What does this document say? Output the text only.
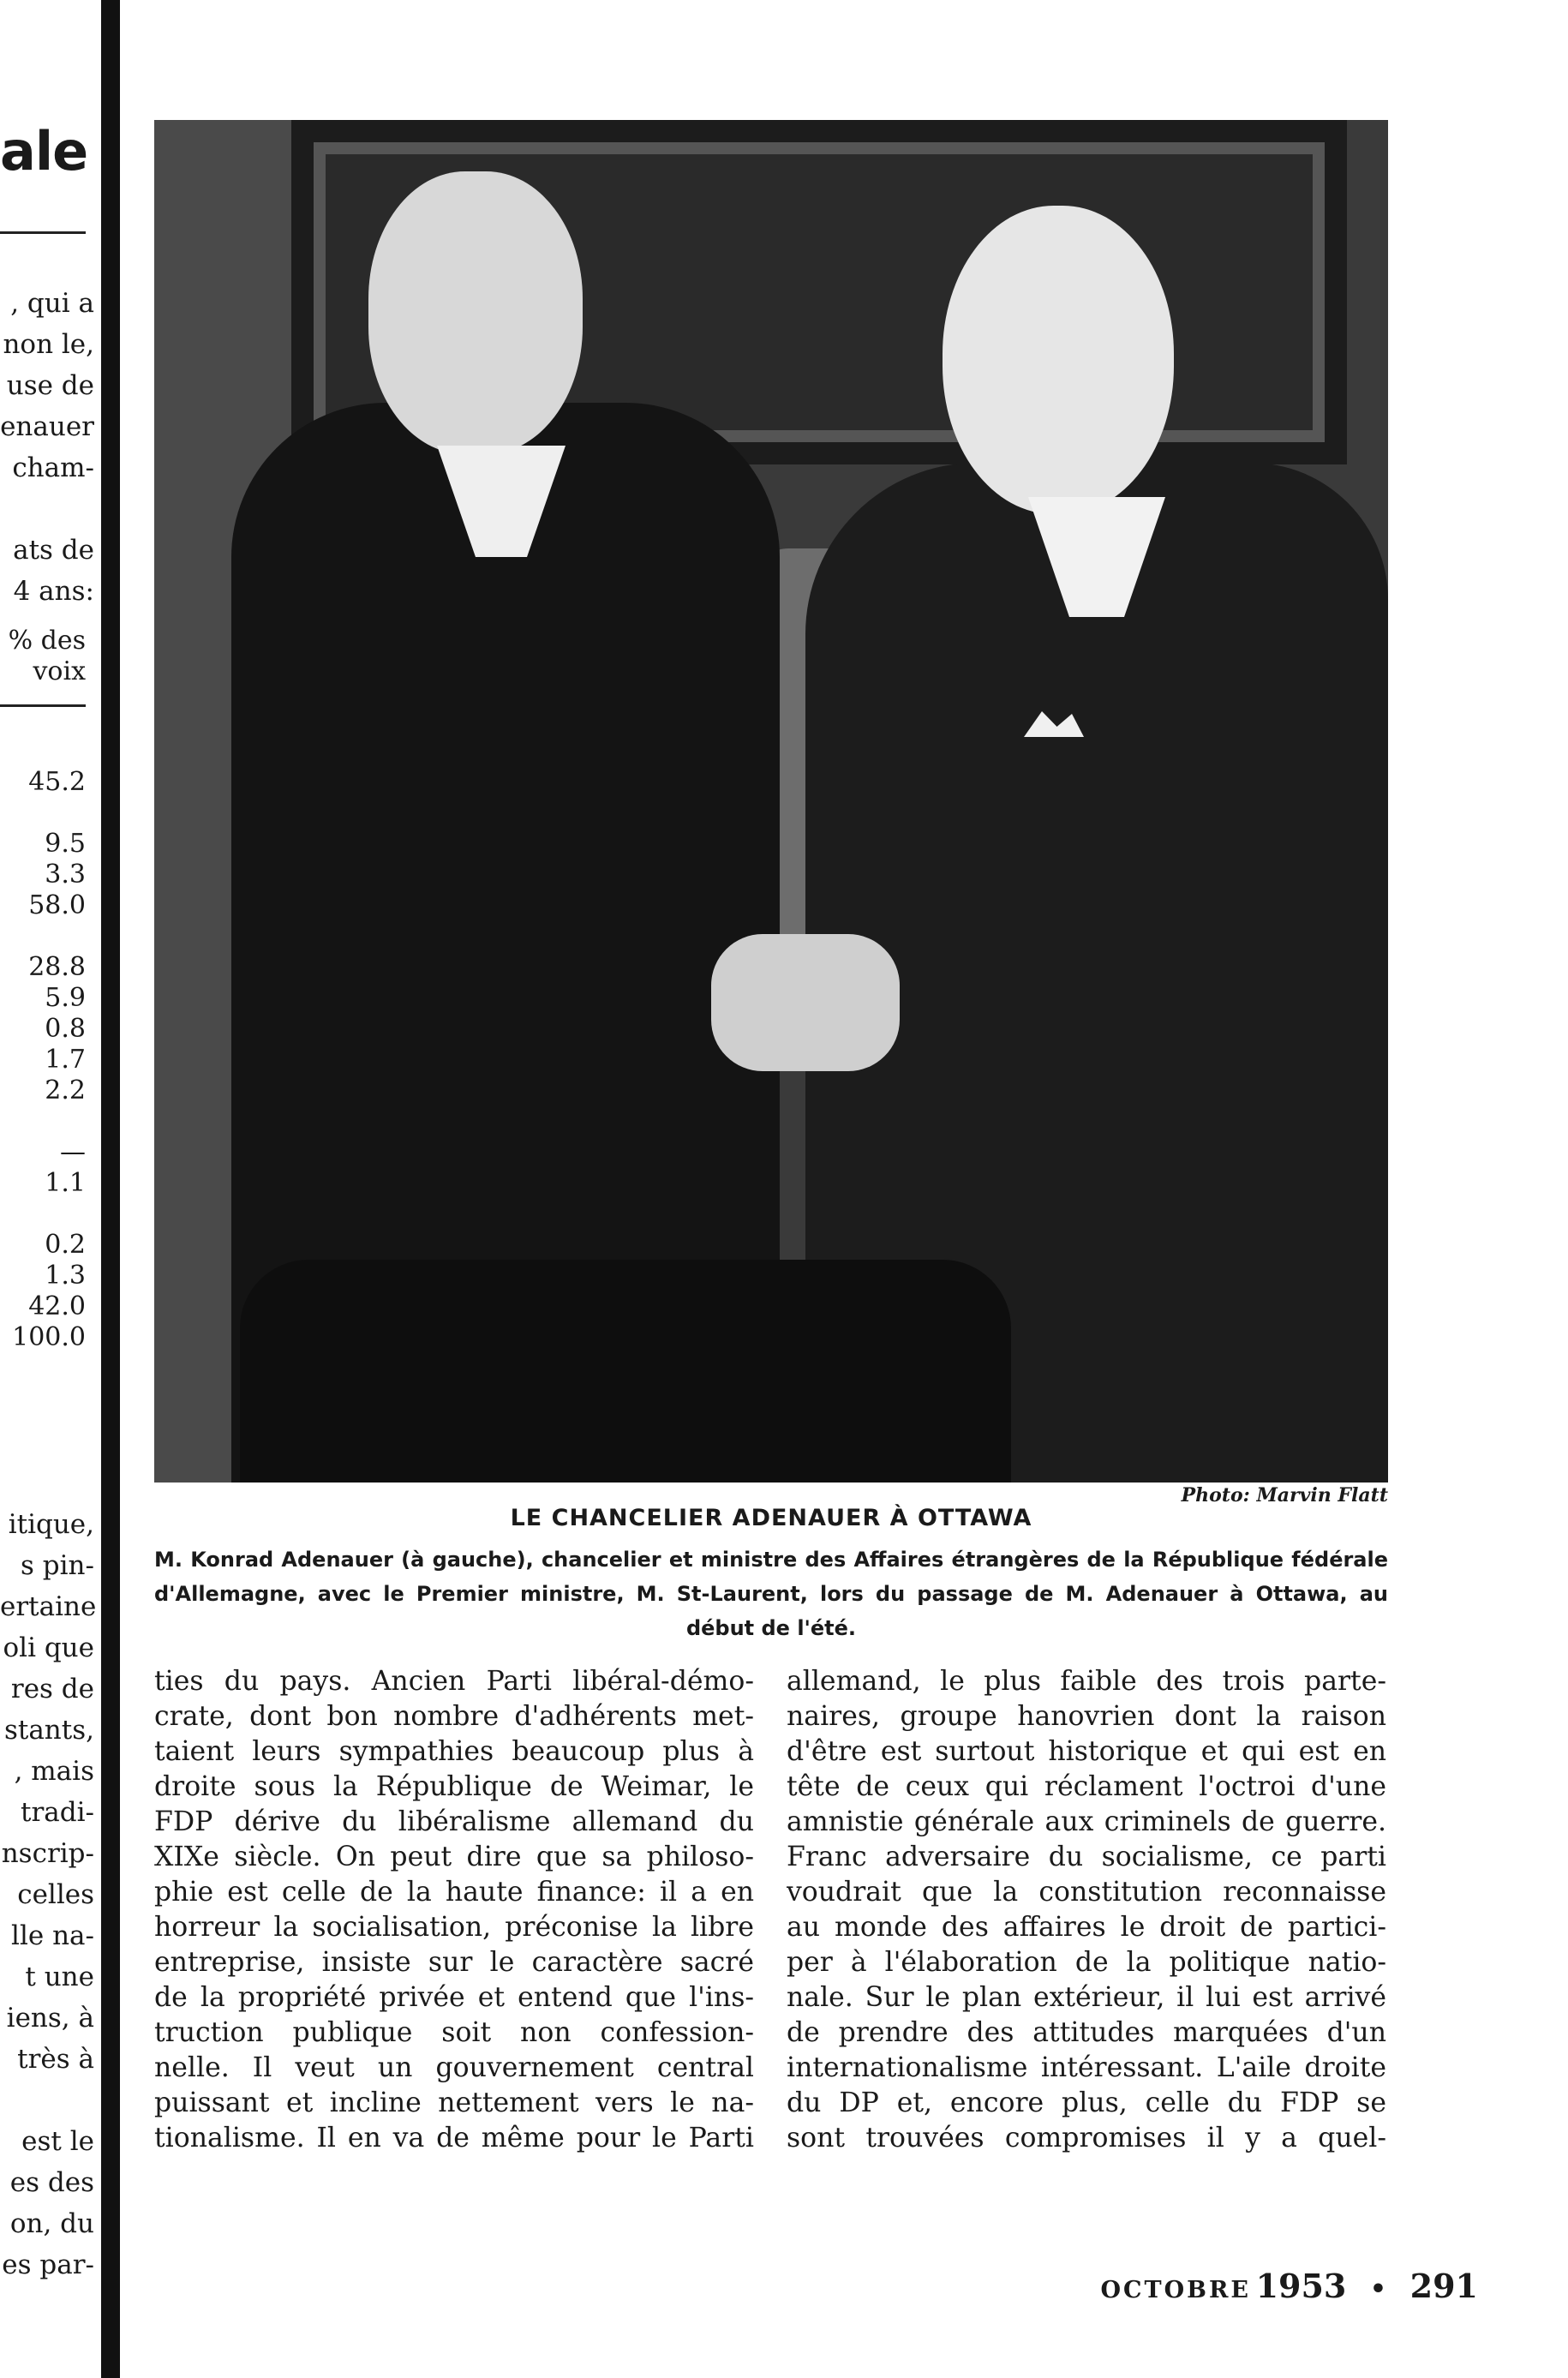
ale
, qui a
non le,
use de
enauer
cham-

ats de
4 ans:
% des
voix
45.2

9.5
3.3
58.0

28.8
5.9
0.8
1.7
2.2

—
1.1

0.2
1.3
42.0
100.0
itique,
s pin-
ertaine
oli que
res de
stants,
, mais
tradi-
nscrip-
celles
lle na-
t une
iens, à
très à

est le
es des
on, du
es par-
Photo: Marvin Flatt
LE CHANCELIER ADENAUER À OTTAWA
M. Konrad Adenauer (à gauche), chancelier et ministre des Affaires étrangères de la République fédérale d'Allemagne, avec le Premier ministre, M. St-Laurent, lors du passage de M. Adenauer à Ottawa, au début de l'été.
ties du pays. Ancien Parti libéral-démo-
crate, dont bon nombre d'adhérents met-
taient leurs sympathies beaucoup plus à
droite sous la République de Weimar, le
FDP dérive du libéralisme allemand du
XIXe siècle. On peut dire que sa philoso-
phie est celle de la haute finance: il a en
horreur la socialisation, préconise la libre
entreprise, insiste sur le caractère sacré
de la propriété privée et entend que l'ins-
truction publique soit non confession-
nelle. Il veut un gouvernement central
puissant et incline nettement vers le na-
tionalisme. Il en va de même pour le Parti
allemand, le plus faible des trois parte-
naires, groupe hanovrien dont la raison
d'être est surtout historique et qui est en
tête de ceux qui réclament l'octroi d'une
amnistie générale aux criminels de guerre.
Franc adversaire du socialisme, ce parti
voudrait que la constitution reconnaisse
au monde des affaires le droit de partici-
per à l'élaboration de la politique natio-
nale. Sur le plan extérieur, il lui est arrivé
de prendre des attitudes marquées d'un
internationalisme intéressant. L'aile droite
du DP et, encore plus, celle du FDP se
sont trouvées compromises il y a quel-
OCTOBRE 1953 • 291
